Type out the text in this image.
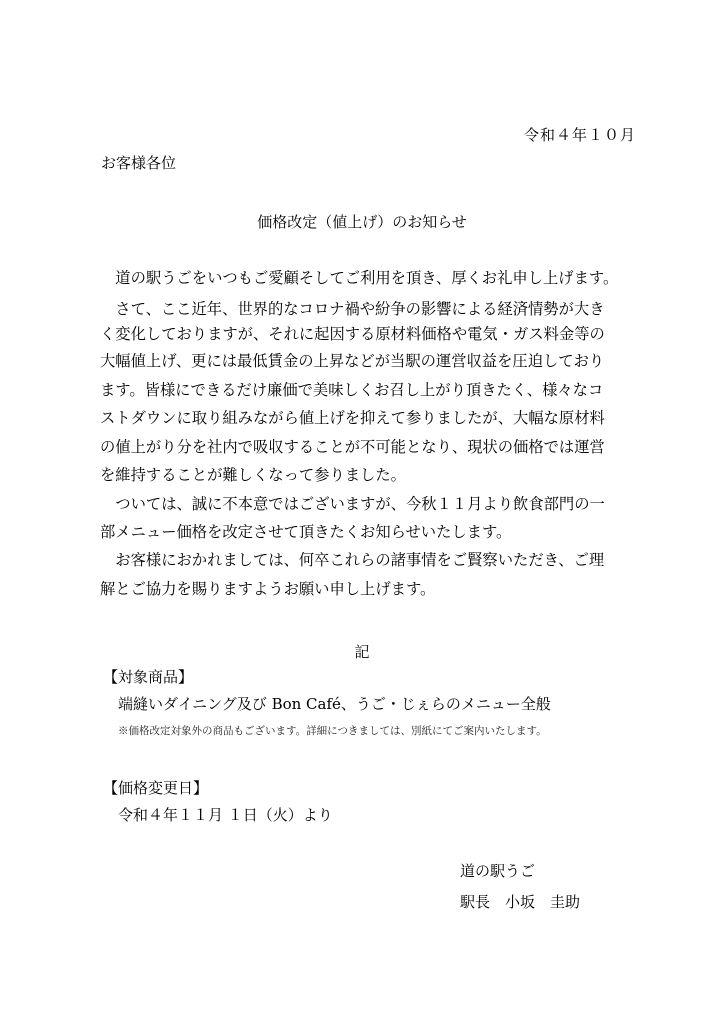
令和４年１０月
お客様各位
価格改定（値上げ）のお知らせ

　道の駅うごをいつもご愛顧そしてご利用を頂き、厚くお礼申し上げます。

　さて、ここ近年、世界的なコロナ禍や紛争の影響による経済情勢が大き

く変化しておりますが、それに起因する原材料価格や電気・ガス料金等の

大幅値上げ、更には最低賃金の上昇などが当駅の運営収益を圧迫しており

ます。皆様にできるだけ廉価で美味しくお召し上がり頂きたく、様々なコ

ストダウンに取り組みながら値上げを抑えて参りましたが、大幅な原材料

の値上がり分を社内で吸収することが不可能となり、現状の価格では運営

を維持することが難しくなって参りました。

　ついては、誠に不本意ではございますが、今秋１１月より飲食部門の一

部メニュー価格を改定させて頂きたくお知らせいたします。

　お客様におかれましては、何卒これらの諸事情をご賢察いただき、ご理

解とご協力を賜りますようお願い申し上げます。

記
【対象商品】
端縫いダイニング及び Bon Café、うご・じぇらのメニュー全般
※価格改定対象外の商品もございます。詳細につきましては、別紙にてご案内いたします。
【価格変更日】
令和４年１１月 １日（火）より
道の駅うご
駅長　小坂　圭助
